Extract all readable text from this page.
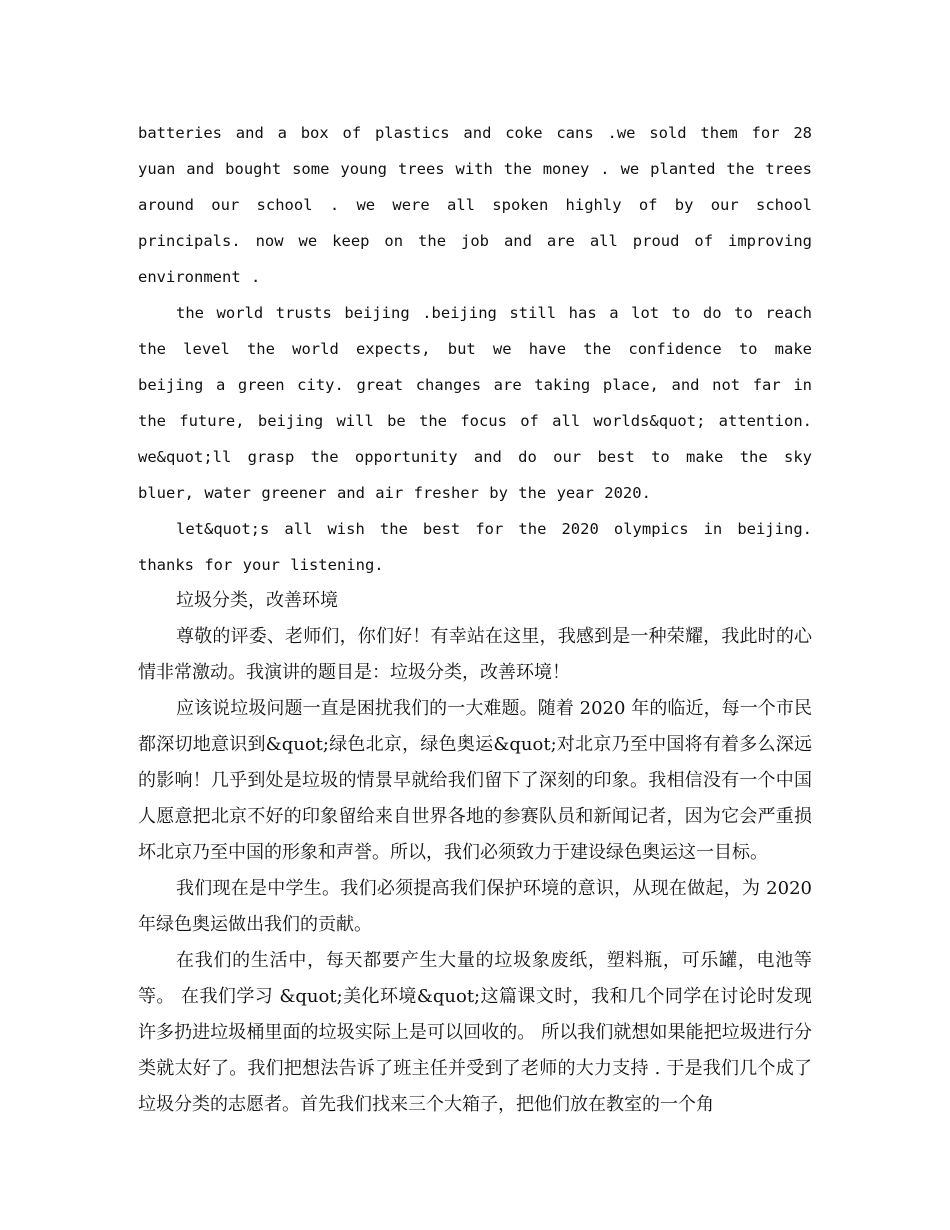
batteries and a box of plastics and coke cans .we sold them for 28 yuan and bought some young trees with the money . we planted the trees around our school . we were all spoken highly of by our school principals. now we keep on the job and are all proud of improving environment .

the world trusts beijing .beijing still has a lot to do to reach the level the world expects, but we have the confidence to make beijing a green city. great changes are taking place, and not far in the future, beijing will be the focus of all worlds&quot; attention. we&quot;ll grasp the opportunity and do our best to make the sky bluer, water greener and air fresher by the year 2020.

let&quot;s all wish the best for the 2020 olympics in beijing. thanks for your listening.

垃圾分类，改善环境

尊敬的评委、老师们，你们好！有幸站在这里，我感到是一种荣耀，我此时的心情非常激动。我演讲的题目是：垃圾分类，改善环境！

应该说垃圾问题一直是困扰我们的一大难题。随着 2020 年的临近，每一个市民都深切地意识到&quot;绿色北京，绿色奥运&quot;对北京乃至中国将有着多么深远的影响！几乎到处是垃圾的情景早就给我们留下了深刻的印象。我相信没有一个中国人愿意把北京不好的印象留给来自世界各地的参赛队员和新闻记者，因为它会严重损坏北京乃至中国的形象和声誉。所以，我们必须致力于建设绿色奥运这一目标。

我们现在是中学生。我们必须提高我们保护环境的意识，从现在做起，为 2020 年绿色奥运做出我们的贡献。

在我们的生活中，每天都要产生大量的垃圾象废纸，塑料瓶，可乐罐，电池等等。 在我们学习 &quot;美化环境&quot;这篇课文时，我和几个同学在讨论时发现许多扔进垃圾桶里面的垃圾实际上是可以回收的。 所以我们就想如果能把垃圾进行分类就太好了。我们把想法告诉了班主任并受到了老师的大力支持 . 于是我们几个成了垃圾分类的志愿者。首先我们找来三个大箱子，把他们放在教室的一个角
